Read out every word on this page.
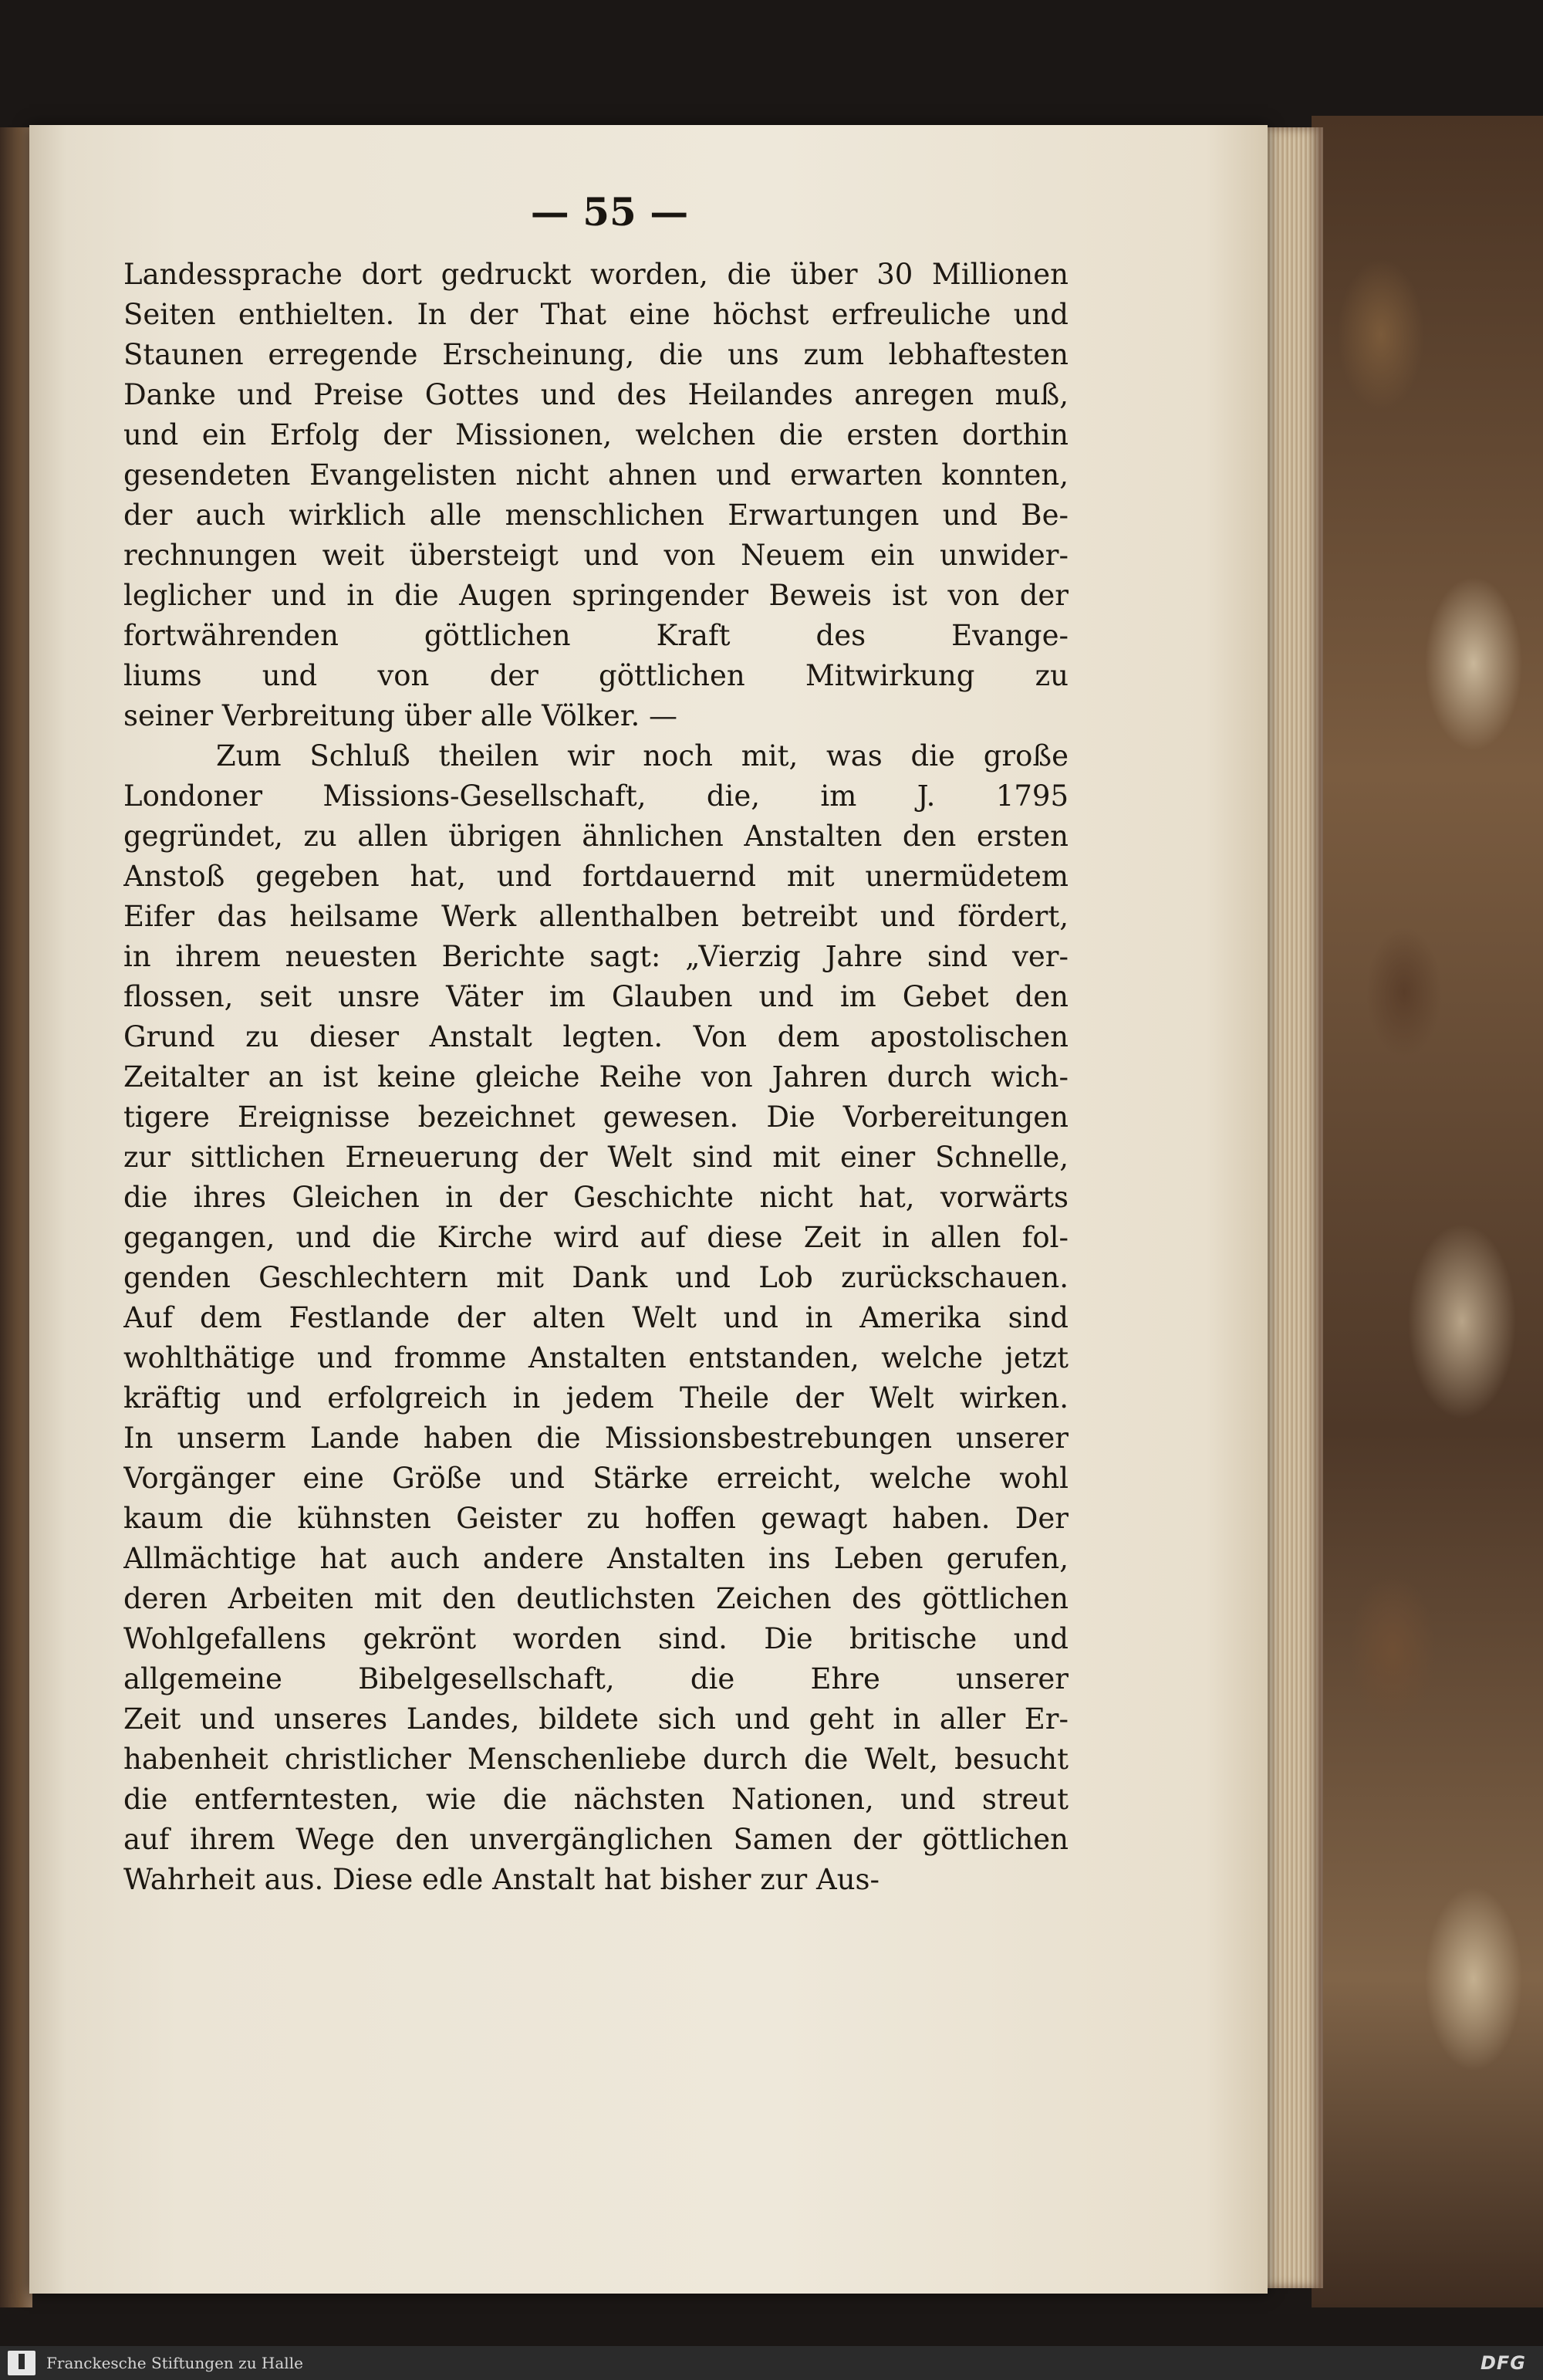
— 55 —
Landessprache dort gedruckt worden, die über 30 Millionen
Seiten enthielten. In der That eine höchst erfreuliche und
Staunen erregende Erscheinung, die uns zum lebhaftesten
Danke und Preise Gottes und des Heilandes anregen muß,
und ein Erfolg der Missionen, welchen die ersten dorthin
gesendeten Evangelisten nicht ahnen und erwarten konnten,
der auch wirklich alle menschlichen Erwartungen und Be-
rechnungen weit übersteigt und von Neuem ein unwider-
leglicher und in die Augen springender Beweis ist von der
fortwährenden göttlichen Kraft des Evange-
liums und von der göttlichen Mitwirkung zu
seiner Verbreitung über alle Völker. —
Zum Schluß theilen wir noch mit, was die große
Londoner Missions-Gesellschaft, die, im J. 1795
gegründet, zu allen übrigen ähnlichen Anstalten den ersten
Anstoß gegeben hat, und fortdauernd mit unermüdetem
Eifer das heilsame Werk allenthalben betreibt und fördert,
in ihrem neuesten Berichte sagt: „Vierzig Jahre sind ver-
flossen, seit unsre Väter im Glauben und im Gebet den
Grund zu dieser Anstalt legten. Von dem apostolischen
Zeitalter an ist keine gleiche Reihe von Jahren durch wich-
tigere Ereignisse bezeichnet gewesen. Die Vorbereitungen
zur sittlichen Erneuerung der Welt sind mit einer Schnelle,
die ihres Gleichen in der Geschichte nicht hat, vorwärts
gegangen, und die Kirche wird auf diese Zeit in allen fol-
genden Geschlechtern mit Dank und Lob zurückschauen.
Auf dem Festlande der alten Welt und in Amerika sind
wohlthätige und fromme Anstalten entstanden, welche jetzt
kräftig und erfolgreich in jedem Theile der Welt wirken.
In unserm Lande haben die Missionsbestrebungen unserer
Vorgänger eine Größe und Stärke erreicht, welche wohl
kaum die kühnsten Geister zu hoffen gewagt haben. Der
Allmächtige hat auch andere Anstalten ins Leben gerufen,
deren Arbeiten mit den deutlichsten Zeichen des göttlichen
Wohlgefallens gekrönt worden sind. Die britische und
allgemeine Bibelgesellschaft, die Ehre unserer
Zeit und unseres Landes, bildete sich und geht in aller Er-
habenheit christlicher Menschenliebe durch die Welt, besucht
die entferntesten, wie die nächsten Nationen, und streut
auf ihrem Wege den unvergänglichen Samen der göttlichen
Wahrheit aus. Diese edle Anstalt hat bisher zur Aus-
Franckesche Stiftungen zu Halle	DFG
